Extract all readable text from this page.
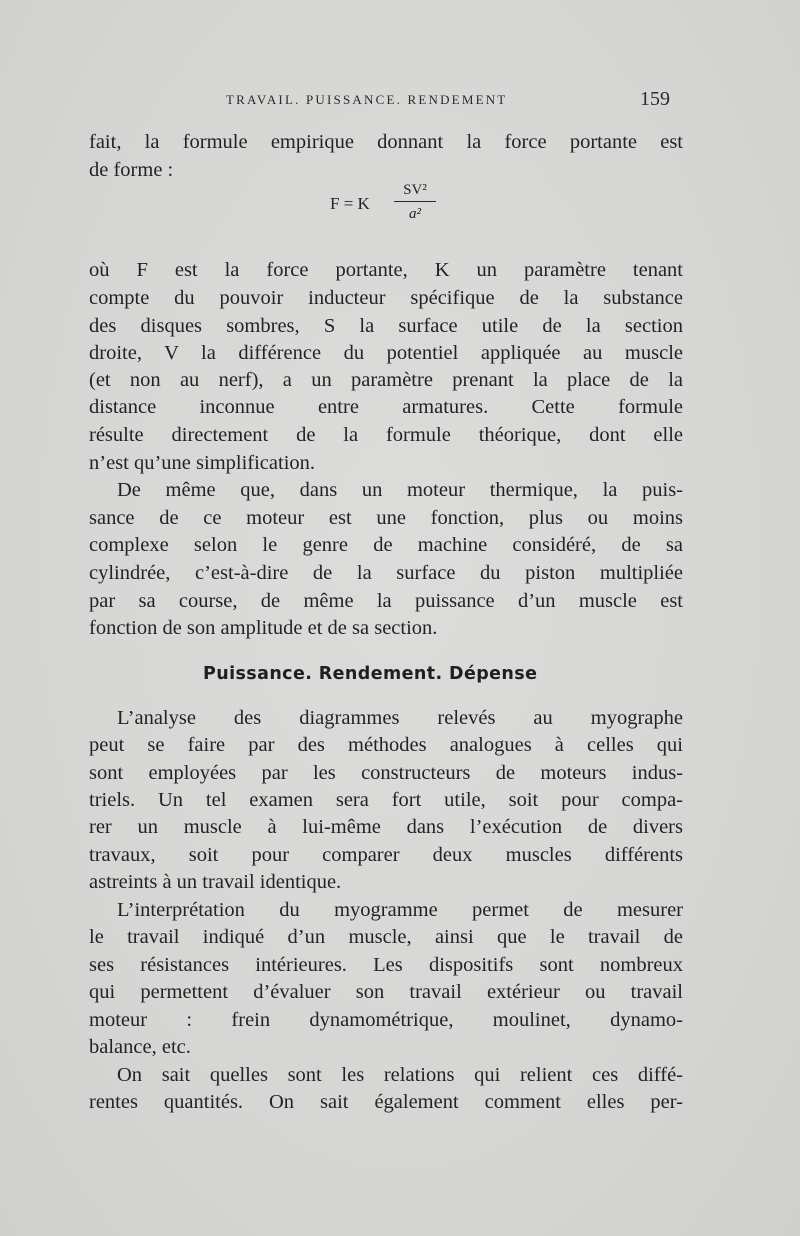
TRAVAIL. PUISSANCE. RENDEMENT	159
fait, la formule empirique donnant la force portante est
de forme :
F = K
SV²
a²
où F est la force portante, K un paramètre tenant
compte du pouvoir inducteur spécifique de la substance
des disques sombres, S la surface utile de la section
droite, V la différence du potentiel appliquée au muscle
(et non au nerf), a un paramètre prenant la place de la
distance inconnue entre armatures. Cette formule
résulte directement de la formule théorique, dont elle
n’est qu’une simplification.
De même que, dans un moteur thermique, la puis-
sance de ce moteur est une fonction, plus ou moins
complexe selon le genre de machine considéré, de sa
cylindrée, c’est-à-dire de la surface du piston multipliée
par sa course, de même la puissance d’un muscle est
fonction de son amplitude et de sa section.
Puissance. Rendement. Dépense
L’analyse des diagrammes relevés au myographe
peut se faire par des méthodes analogues à celles qui
sont employées par les constructeurs de moteurs indus-
triels. Un tel examen sera fort utile, soit pour compa-
rer un muscle à lui-même dans l’exécution de divers
travaux, soit pour comparer deux muscles différents
astreints à un travail identique.
L’interprétation du myogramme permet de mesurer
le travail indiqué d’un muscle, ainsi que le travail de
ses résistances intérieures. Les dispositifs sont nombreux
qui permettent d’évaluer son travail extérieur ou travail
moteur : frein dynamométrique, moulinet, dynamo-
balance, etc.
On sait quelles sont les relations qui relient ces diffé-
rentes quantités. On sait également comment elles per-
